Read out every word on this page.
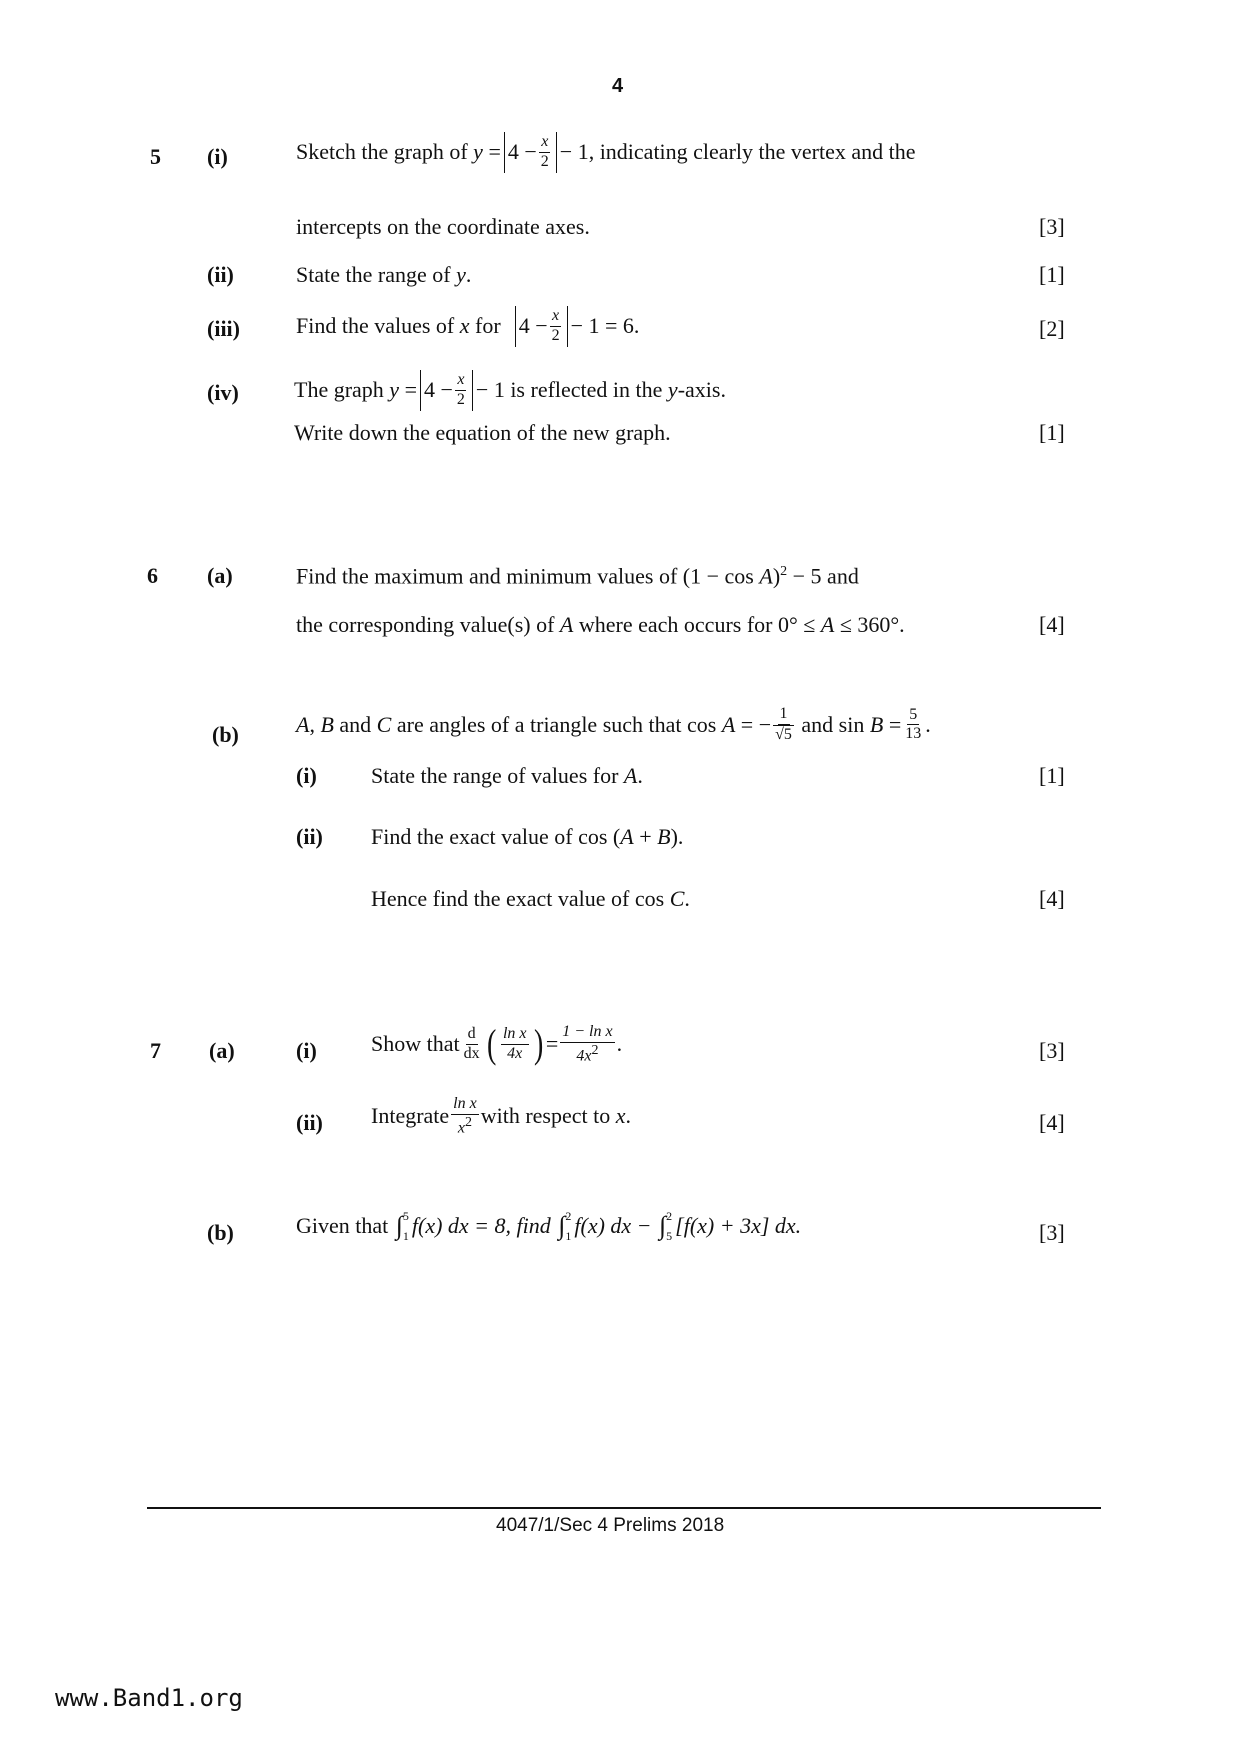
4
5 (i)	Sketch the graph of
y
= $4 - \frac{x}{2} - 1$, indicating clearly the vertex and the
intercepts on the coordinate axes.	[3]
(ii)	State the range of y.	[1]
(iii)	Find the values of
x
for
$4 - \frac{x}{2} - 1 = 6$.	[2]
(iv)	The graph
y
= $4 - \frac{x}{2} - 1$ is reflected in the
y -axis.
Write down the equation of the new graph.	[1]
6 (a)	Find the maximum and minimum values of $(1 - \cos A)^2 - 5$ and
the corresponding value(s) of A where each occurs for 0° ≤ A ≤ 360°.	[4]
(b)	A , B
and
C
are angles of a triangle such that cos
A
= − $\frac{1}{√5}$
and sin
B
= $\frac{5}{13}$ .
(i) State the range of values for A.	[1]
(ii) Find the exact value of cos (A + B).
Hence find the exact value of cos C.	[4]
7 (a)	(i) Show that $\frac{d}{dx}$ ( $\frac{\text{ln x}}{4x}$ ) = $\frac{\text{1 − ln x}}{4x2}$ .	[3]
(ii) Integrate $\frac{\text{ln x}}{x2}$ with respect to
x .	[4]
(b)	Given that
∫ 5
1 f(x) dx = 8, find
∫ 2
1 f(x) dx −
∫ 2
5 [f(x) + 3x] dx.	[3]
4047/1/Sec 4 Prelims 2018
www.Band1.org
